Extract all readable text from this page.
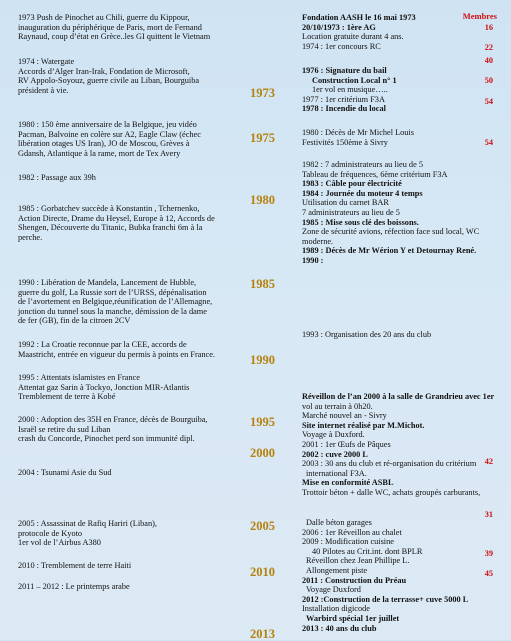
1973 Push de Pinochet au Chili, guerre du Kippour,
inauguration du périphérique de Paris, mort de Fernand
Raynaud, coup d’état en Grèce..les GI quittent le Vietnam
1974 : Watergate
Accords d’Alger Iran-Irak, Fondation de Microsoft,
RV Appolo-Soyouz, guerre civile au Liban, Bourguiba
président à vie.
1980 : 150 ème anniversaire de la Belgique, jeu vidéo
Pacman, Balvoine en colère sur A2, Eagle Claw (échec
libération otages US Iran), JO de Moscou, Grèves à
Gdansh, Atlantique à la rame, mort de Tex Avery
1982 : Passage aux 39h
1985 : Gorbatchev succède à Konstantin , Tchernenko,
Action Directe, Drame du Heysel, Europe à 12, Accords de
Shengen, Découverte du Titanic, Bubka franchi 6m à la
perche.
1990 : Libération de Mandela, Lancement de Hubble,
guerre du golf, La Russie sort de l’URSS, dépénalisation
de l’avortement en Belgique,réunification de l’Allemagne,
jonction du tunnel sous la manche, démission de la dame
de fer (GB), fin de la citroen 2CV
1992 : La Croatie reconnue par la CEE, accords de
Maastricht, entrée en vigueur du permis à points en France.
1995 : Attentats islamistes en France
Attentat gaz Sarin à Tockyo, Jonction MIR-Atlantis
Tremblement de terre à Kobé
2000 : Adoption des 35H en France, décès de Bourguiba,
Israël se retire du sud Liban
crash du Concorde, Pinochet perd son immunité dipl.
2004 : Tsunami Asie du Sud
2005 : Assassinat de Rafiq Hariri (Liban),
protocole de Kyoto
1er vol de l’Airbus A380
2010 : Tremblement de terre Haiti
2011 – 2012 : Le printemps arabe
1973
1975
1980
1985
1990
1995
2000
2005
2010
2013
Membres
Fondation AASH le 16 mai 1973
20/10/1973 : 1ère AG
Location gratuite durant 4 ans.
1974 : 1er concours RC
1976 : Signature du bail
Construction Local n° 1
1er vol en musique…..
1977 : 1er critérium F3A
1978 : Incendie du local
1980 : Décès de Mr Michel Louis
Festivités 150ème à Sivry
1982 : 7 administrateurs au lieu de 5
Tableau de fréquences, 6ème critérium F3A
1983 : Câble pour électricité
1984 : Journée du moteur 4 temps
Utilisation du carnet BAR
7 administrateurs au lieu de 5
1985 : Mise sous clé des boissons.
Zone de sécurité avions, réfection face sud local, WC
moderne.
1989 : Décès de Mr Wérion Y et Detournay René.
1990 :
1993 : Organisation des 20 ans du club
Réveillon de l’an 2000 à la salle de Grandrieu avec 1er
vol au terrain à 0h20.
Marché nouvel an - Sivry
Site internet réalisé par M.Michot.
Voyage à Duxford.
2001 : 1er Œufs de Pâques
2002 : cuve 2000 L
2003 : 30 ans du club et ré-organisation du critérium
international F3A.
Mise en conformité ASBL
Trottoir béton + dalle WC, achats groupés carburants,
Dalle béton garages
2006 : 1er Réveillon au chalet
2009 : Modification cuisine
40 Pilotes au Crit.int. dont BPLR
Réveillon chez Jean Phillipe L.
Allongement piste
2011 : Construction du Préau
Voyage Duxford
2012 :Construction de la terrasse+ cuve 5000 L
Installation digicode
Warbird spécial 1er juillet
2013 : 40 ans du club
16
22
40
50
54
54
42
31
39
45
